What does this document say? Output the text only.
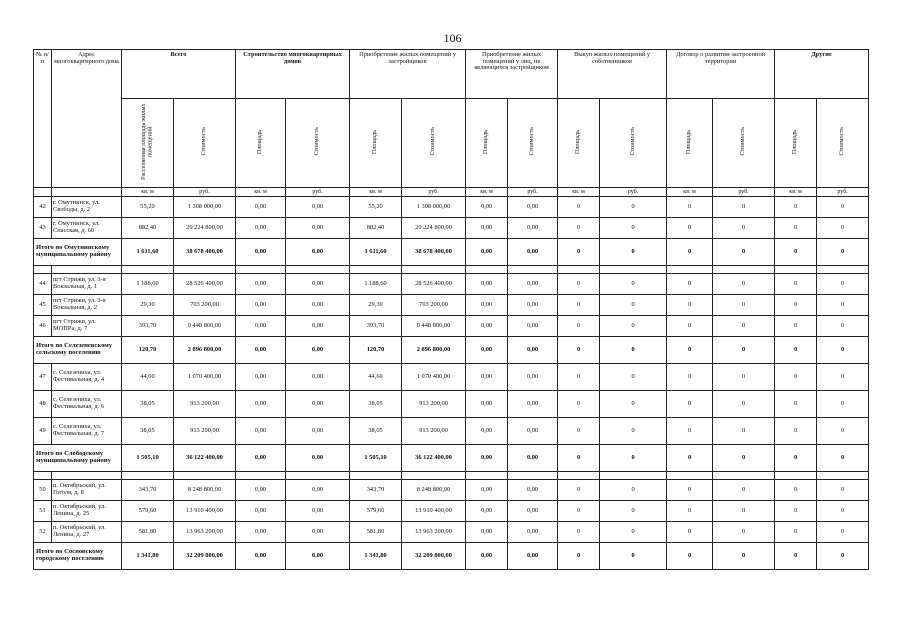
106
№ п/п	Адрес многоквартирного дома	Всего		Строительство многоквартирных домов		Приобретение жилых помещений у застройщиков		Приобретение жилых помещений у лиц, не являющихся застройщиком		Выкуп жилых помещений у собственников		Договор о развитии застроенной территории		Другие	
		Расселяемая площадь жилых помещений	Стоимость	Площадь	Стоимость	Площадь	Стоимость	Площадь	Стоимость	Площадь	Стоимость	Площадь	Стоимость	Площадь	Стоимость
		кв. м	руб.	кв. м	руб.	кв. м	руб.	кв. м	руб.	кв. м	руб.	кв. м	руб.	кв. м	руб.
42	г. Омутнинск, ул. Свободы, д. 2	55,20	1 308 000,00	0,00	0,00	55,20	1 308 000,00	0,00	0,00	0	0	0	0	0	0
43	г. Омутнинск, ул. Спасская, д. 60	882,40	20 224 800,00	0,00	0,00	882,40	20 224 800,00	0,00	0,00	0	0	0	0	0	0
Итого по Омутнинскому муниципальному району		1 611,60	38 678 400,00	0,00	0,00	1 611,60	38 678 400,00	0,00	0,00	0	0	0	0	0	0

44	пгт Стрижи, ул. 3-я Вокзальная, д. 1	1 188,60	28 526 400,00	0,00	0,00	1 188,60	28 526 400,00	0,00	0,00	0	0	0	0	0	0
45	пгт Стрижи, ул. 3-я Вокзальная, д. 2	29,30	703 200,00	0,00	0,00	29,30	703 200,00	0,00	0,00	0	0	0	0	0	0
46	пгт Стрижи, ул. МОПРа, д. 7	393,70	9 448 800,00	0,00	0,00	393,70	9 448 800,00	0,00	0,00	0	0	0	0	0	0
Итого по Селезеневскому сельскому поселению		120,70	2 896 800,00	0,00	0,00	120,70	2 896 800,00	0,00	0,00	0	0	0	0	0	0
47	с. Селезениха, ул. Фестивальная, д. 4	44,60	1 070 400,00	0,00	0,00	44,60	1 070 400,00	0,00	0,00	0	0	0	0	0	0
48	с. Селезениха, ул. Фестивальная, д. 6	38,05	913 200,00	0,00	0,00	38,05	913 200,00	0,00	0,00	0	0	0	0	0	0
49	с. Селезениха, ул. Фестивальная, д. 7	38,05	913 200,00	0,00	0,00	38,05	913 200,00	0,00	0,00	0	0	0	0	0	0
Итого по Слободскому муниципальному району		1 505,10	36 122 400,00	0,00	0,00	1 505,10	36 122 400,00	0,00	0,00	0	0	0	0	0	0

50	п. Октябрьский, ул. Гоголя, д. 8	343,70	8 248 800,00	0,00	0,00	343,70	8 248 800,00	0,00	0,00	0	0	0	0	0	0
51	п. Октябрьский, ул. Ленина, д. 25	579,60	13 910 400,00	0,00	0,00	579,60	13 910 400,00	0,00	0,00	0	0	0	0	0	0
52	п. Октябрьский, ул. Ленина, д. 27	581,80	13 963 200,00	0,00	0,00	581,80	13 963 200,00	0,00	0,00	0	0	0	0	0	0
Итого по Сосновскому городскому поселению		1 341,80	32 209 800,00	0,00	0,00	1 341,80	32 209 800,00	0,00	0,00	0	0	0	0	0	0
